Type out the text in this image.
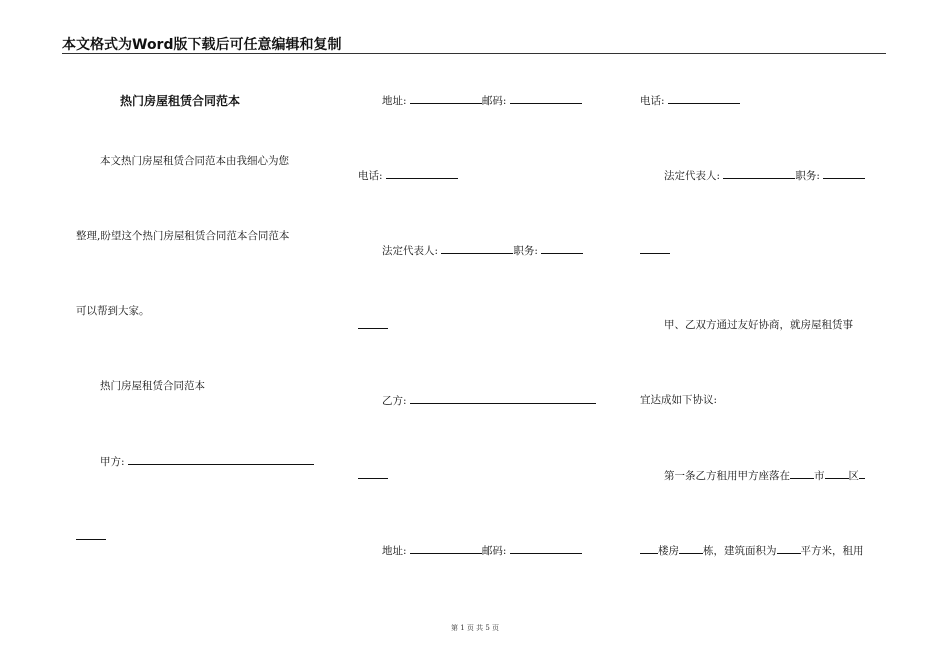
本文格式为Word版下载后可任意编辑和复制
热门房屋租赁合同范本
本文热门房屋租赁合同范本由我细心为您
整理,盼望这个热门房屋租赁合同范本合同范本
可以帮到大家。
热门房屋租赁合同范本
甲方:
地址:	邮码:
电话:
法定代表人:	职务:
乙方:
地址:	邮码:
电话:
法定代表人:	职务:
甲、乙双方通过友好协商，就房屋租赁事
宜达成如下协议:
第一条乙方租用甲方座落在 市 区
楼房 栋，建筑面积为 平方米，租用
第 1 页 共 5 页
